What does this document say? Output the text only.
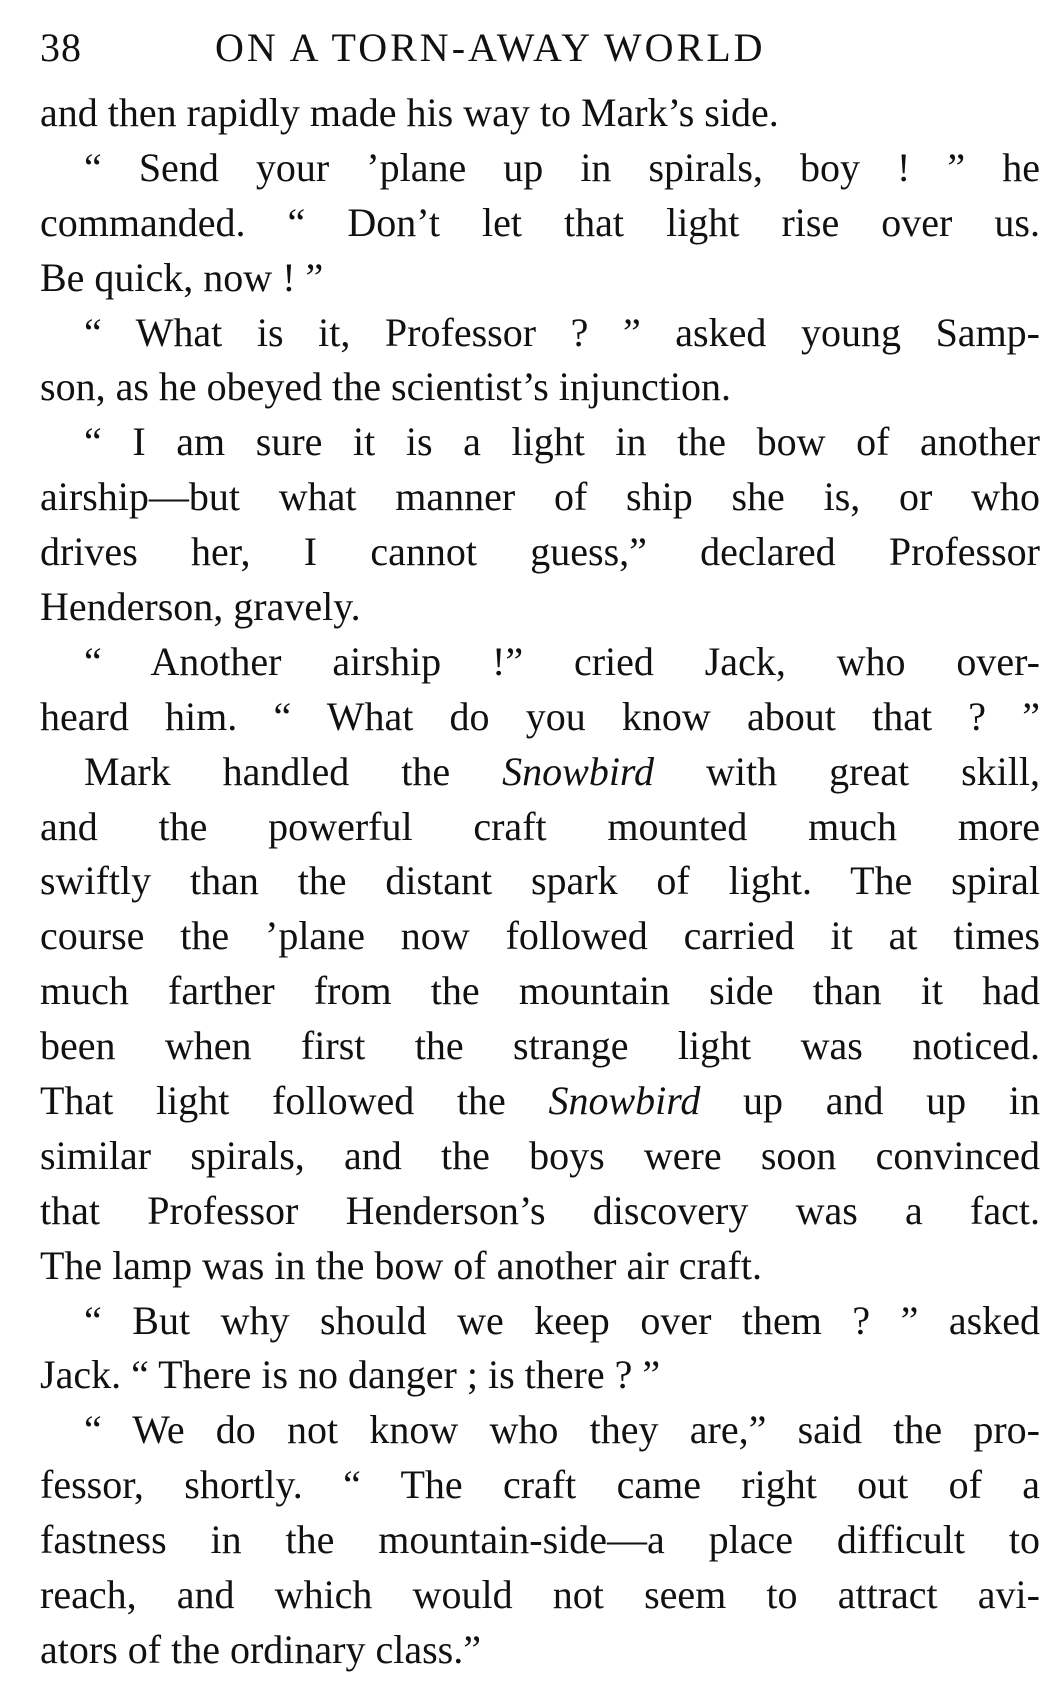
38	ON A TORN-AWAY WORLD
and then rapidly made his way to Mark’s side.
“ Send your ’plane up in spirals, boy ! ” he
commanded. “ Don’t let that light rise over us.
Be quick, now ! ”
“ What is it, Professor ? ” asked young Samp-
son, as he obeyed the scientist’s injunction.
“ I am sure it is a light in the bow of another
airship—but what manner of ship she is, or who
drives her, I cannot guess,” declared Professor
Henderson, gravely.
“ Another airship !” cried Jack, who over-
heard him. “ What do you know about that ? ”
Mark handled the Snowbird with great skill,
and the powerful craft mounted much more
swiftly than the distant spark of light. The spiral
course the ’plane now followed carried it at times
much farther from the mountain side than it had
been when first the strange light was noticed.
That light followed the Snowbird up and up in
similar spirals, and the boys were soon convinced
that Professor Henderson’s discovery was a fact.
The lamp was in the bow of another air craft.
“ But why should we keep over them ? ” asked
Jack. “ There is no danger ; is there ? ”
“ We do not know who they are,” said the pro-
fessor, shortly. “ The craft came right out of a
fastness in the mountain-side—a place difficult to
reach, and which would not seem to attract avi-
ators of the ordinary class.”
